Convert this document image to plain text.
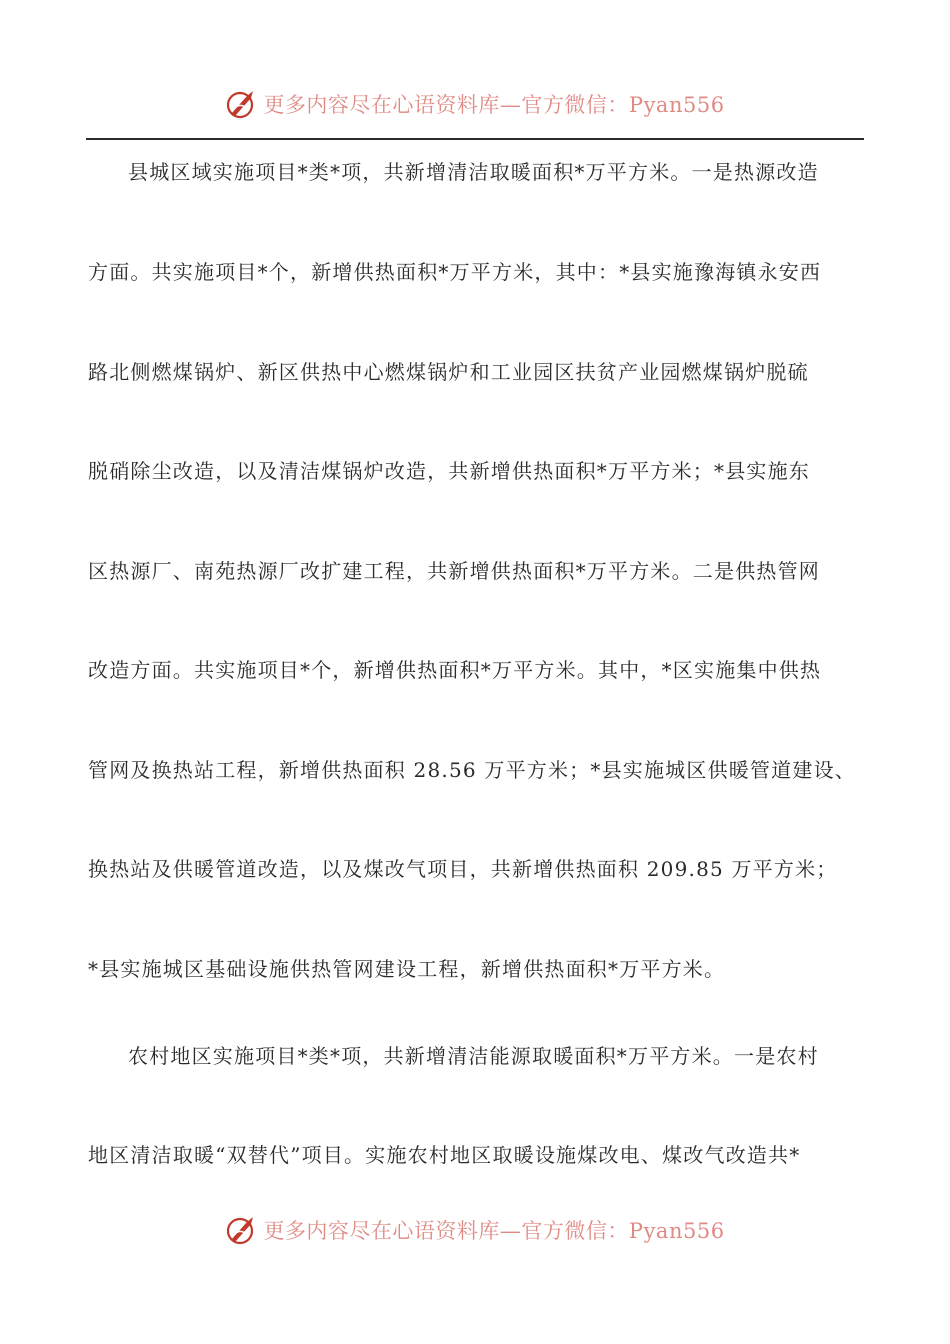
更多内容尽在心语资料库—官方微信：Pyan556
县城区域实施项目*类*项，共新增清洁取暖面积*万平方米。一是热源改造
方面。共实施项目*个，新增供热面积*万平方米，其中：*县实施豫海镇永安西
路北侧燃煤锅炉、新区供热中心燃煤锅炉和工业园区扶贫产业园燃煤锅炉脱硫
脱硝除尘改造，以及清洁煤锅炉改造，共新增供热面积*万平方米；*县实施东
区热源厂、南苑热源厂改扩建工程，共新增供热面积*万平方米。二是供热管网
改造方面。共实施项目*个，新增供热面积*万平方米。其中，*区实施集中供热
管网及换热站工程，新增供热面积 28.56 万平方米；*县实施城区供暖管道建设、
换热站及供暖管道改造，以及煤改气项目，共新增供热面积 209.85 万平方米；
*县实施城区基础设施供热管网建设工程，新增供热面积*万平方米。
农村地区实施项目*类*项，共新增清洁能源取暖面积*万平方米。一是农村
地区清洁取暖“双替代”项目。实施农村地区取暖设施煤改电、煤改气改造共*
更多内容尽在心语资料库—官方微信：Pyan556
